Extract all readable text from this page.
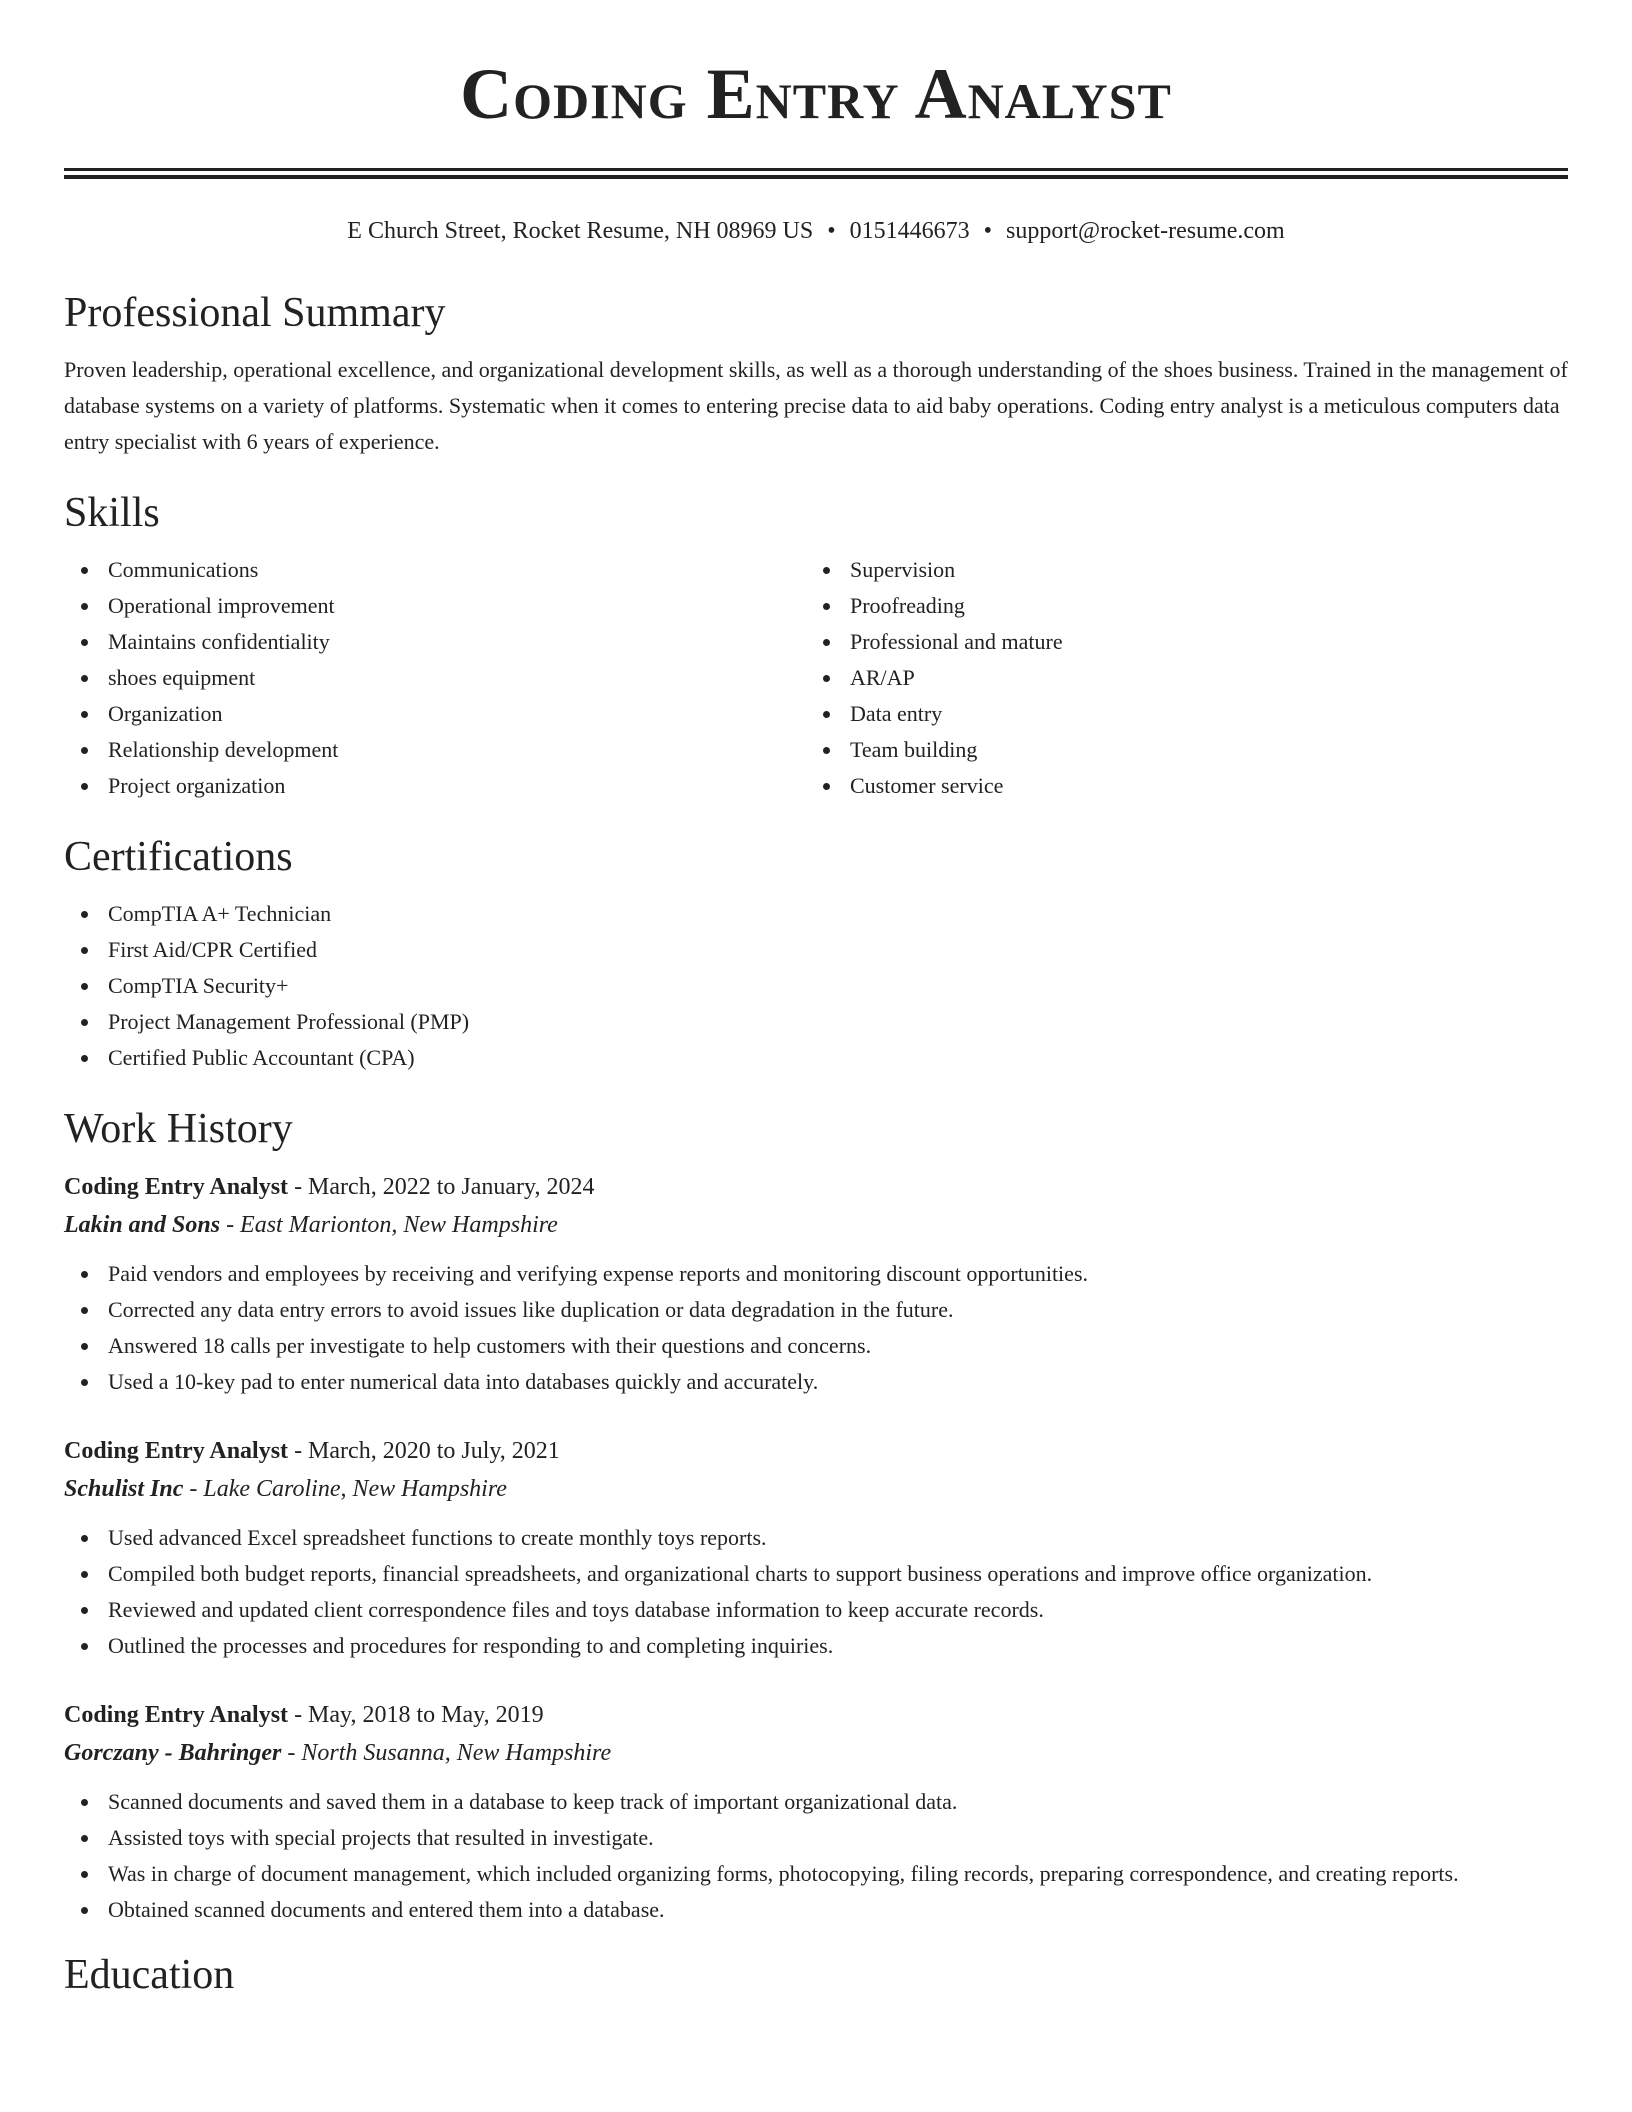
Coding Entry Analyst
E Church Street, Rocket Resume, NH 08969 US • 0151446673 • support@rocket-resume.com
Professional Summary

Proven leadership, operational excellence, and organizational development skills, as well as a thorough understanding of the shoes business. Trained in the management of database systems on a variety of platforms. Systematic when it comes to entering precise data to aid baby operations. Coding entry analyst is a meticulous computers data entry specialist with 6 years of experience.

Skills
Communications
Operational improvement
Maintains confidentiality
shoes equipment
Organization
Relationship development
Project organization
Supervision
Proofreading
Professional and mature
AR/AP
Data entry
Team building
Customer service
Certifications
CompTIA A+ Technician
First Aid/CPR Certified
CompTIA Security+
Project Management Professional (PMP)
Certified Public Accountant (CPA)
Work History
Coding Entry Analyst - March, 2022 to January, 2024
Lakin and Sons - East Marionton, New Hampshire
Paid vendors and employees by receiving and verifying expense reports and monitoring discount opportunities.
Corrected any data entry errors to avoid issues like duplication or data degradation in the future.
Answered 18 calls per investigate to help customers with their questions and concerns.
Used a 10-key pad to enter numerical data into databases quickly and accurately.
Coding Entry Analyst - March, 2020 to July, 2021
Schulist Inc - Lake Caroline, New Hampshire
Used advanced Excel spreadsheet functions to create monthly toys reports.
Compiled both budget reports, financial spreadsheets, and organizational charts to support business operations and improve office organization.
Reviewed and updated client correspondence files and toys database information to keep accurate records.
Outlined the processes and procedures for responding to and completing inquiries.
Coding Entry Analyst - May, 2018 to May, 2019
Gorczany - Bahringer - North Susanna, New Hampshire
Scanned documents and saved them in a database to keep track of important organizational data.
Assisted toys with special projects that resulted in investigate.
Was in charge of document management, which included organizing forms, photocopying, filing records, preparing correspondence, and creating reports.
Obtained scanned documents and entered them into a database.
Education
